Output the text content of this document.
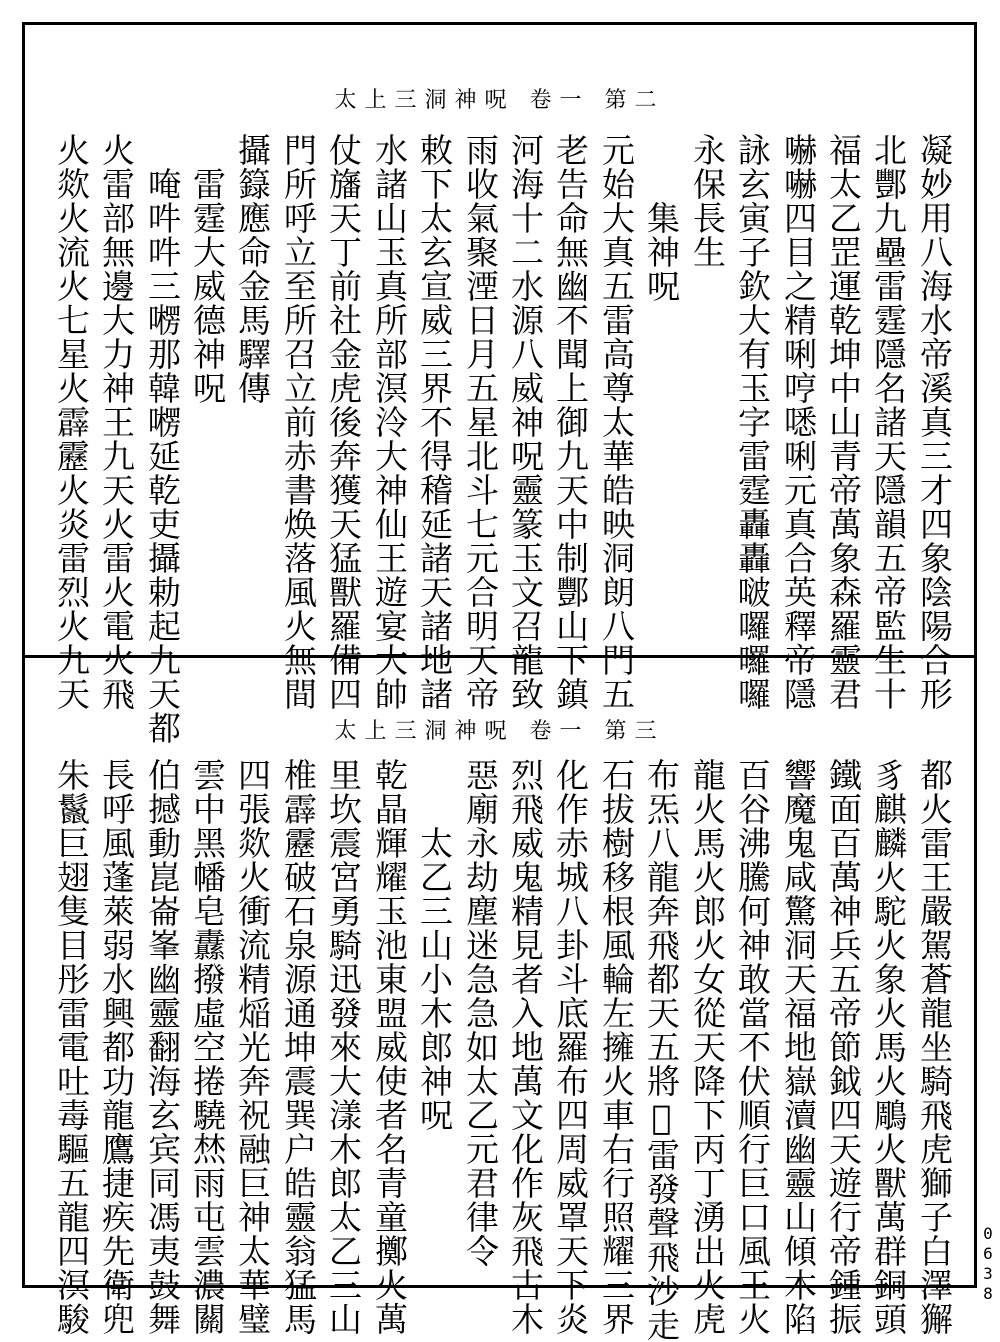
太上三洞神呪 卷一 第二
凝妙用八海水帝溪真三才四象陰陽合形
北酆九壘雷霆隱名諸天隱韻五帝監生十
福太乙罡運乾坤中山青帝萬象森羅靈君
嚇嚇四目之精唎哼㗭唎元真合英釋帝隱
詠玄寅子欽大有玉字雷霆轟轟啵囉囉囉
永保長生
　　集神呪
元始大真五雷高尊太華皓映洞朗八門五
老告命無幽不聞上御九天中制酆山下鎮
河海十二水源八威神呪靈篆玉文召龍致
雨收氣聚湮日月五星北斗七元合明天帝
敕下太玄宣威三界不得稽延諸天諸地諸
水諸山玉真所部溟泠大神仙王遊宴大帥
仗旛天丁前社金虎後奔獲天猛獸羅備四
門所呼立至所召立前赤書焕落風火無間
攝籙應命金馬驛傳
　雷霆大威德神呪
　唵吽吽三㘄那韓㘄延乾吏攝勅起九天都
火雷部無邊大力神王九天火雷火電火飛
火欻火流火七星火霹靂火炎雷烈火九天
太上三洞神呪 卷一 第三
都火雷王嚴駕蒼龍坐騎飛虎獅子白澤獬
豸麒麟火駝火象火馬火鵰火獸萬群銅頭
鐵面百萬神兵五帝節鉞四天遊行帝鍾振
響魔鬼咸驚洞天福地嶽瀆幽靈山傾木陷
百谷沸騰何神敢當不伏順行巨口風王火
龍火馬火郎火女從天降下丙丁湧出火虎
布炁八龍奔飛都天五將𩆊雷發聲飛沙走
石拔樹移根風輪左擁火車右行照耀三界
化作赤城八卦斗底羅布四周威罩天下炎
烈飛威鬼精見者入地萬文化作灰飛古木
惡廟永劫塵迷急急如太乙元君律令
　　太乙三山小木郎神呪
乾晶輝耀玉池東盟威使者名青童擲火萬
里坎震宮勇騎迅發來大漾木郎太乙三山
椎霹靂破石泉源通坤震巽户皓靈翁猛馬
四張欻火衝流精㷔光奔祝融巨神太華璧
雲中黑幡皂纛撥虛空捲驍㷊雨屯雲濃關
伯撼動崑崙峯幽靈翻海玄宾同馮夷鼓舞
長呼風蓬萊弱水興都功龍鷹捷疾先衛兜
朱鬣巨翅隻目彤雷電吐毒驅五龍四溟駿	0638
